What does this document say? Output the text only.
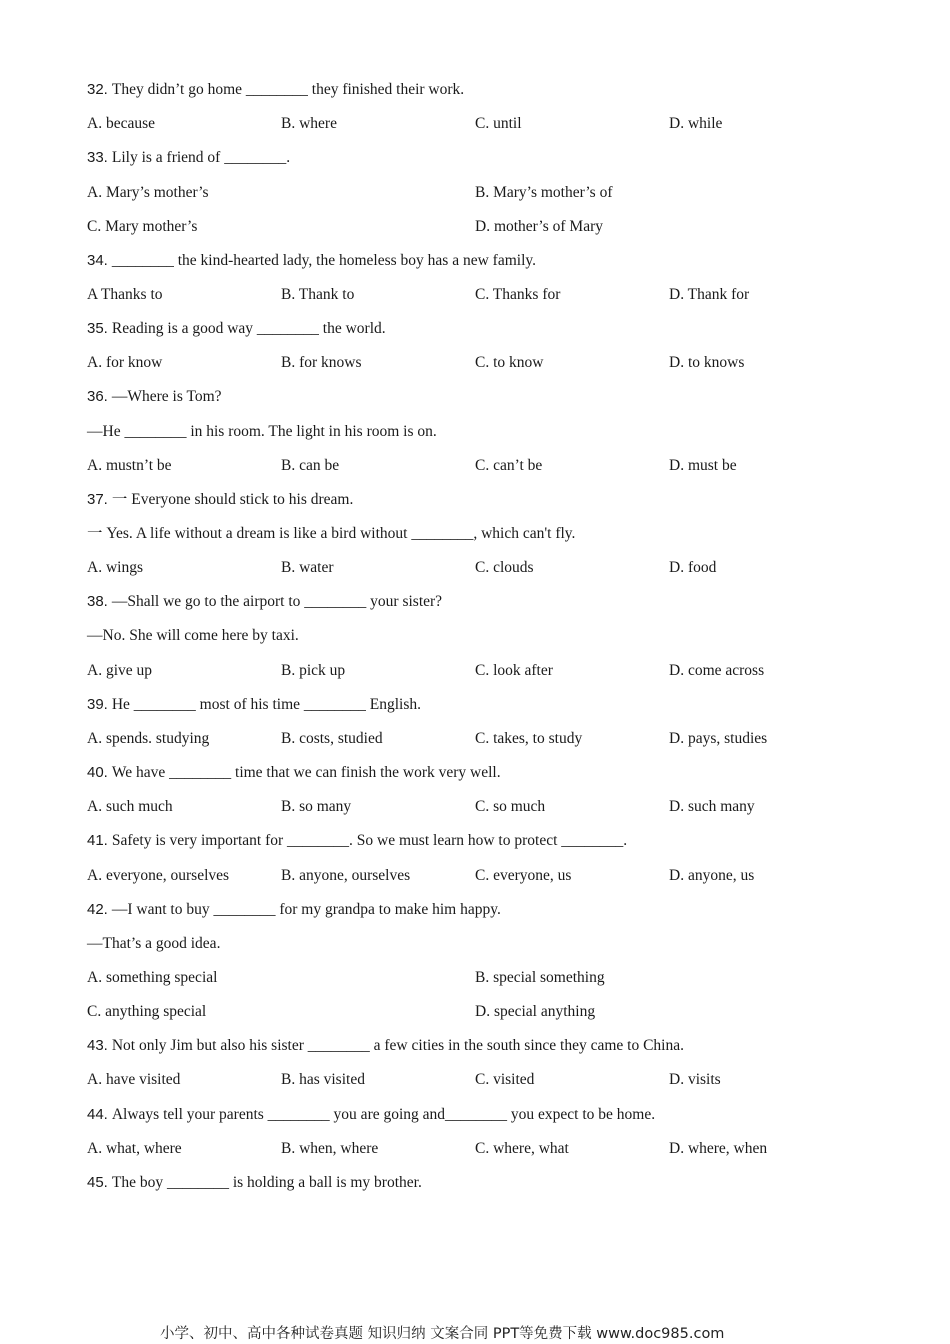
32. They didn’t go home ________ they finished their work.
A. because	B. where	C. until	D. while
33. Lily is a friend of ________.
A. Mary’s mother’s	B. Mary’s mother’s of
C. Mary mother’s	D. mother’s of Mary
34. ________ the kind-hearted lady, the homeless boy has a new family.
A Thanks to	B. Thank to	C. Thanks for	D. Thank for
35. Reading is a good way ________ the world.
A. for know	B. for knows	C. to know	D. to knows
36. —Where is Tom?
—He ________ in his room. The light in his room is on.
A. mustn’t be	B. can be	C. can’t be	D. must be
37. 一 Everyone should stick to his dream.
一 Yes. A life without a dream is like a bird without ________, which can't fly.
A. wings	B. water	C. clouds	D. food
38. —Shall we go to the airport to ________ your sister?
—No. She will come here by taxi.
A. give up	B. pick up	C. look after	D. come across
39. He ________ most of his time ________ English.
A. spends. studying	B. costs, studied	C. takes, to study	D. pays, studies
40. We have ________ time that we can finish the work very well.
A. such much	B. so many	C. so much	D. such many
41. Safety is very important for ________. So we must learn how to protect ________.
A. everyone, ourselves	B. anyone, ourselves	C. everyone, us	D. anyone, us
42. —I want to buy ________ for my grandpa to make him happy.
—That’s a good idea.
A. something special	B. special something
C. anything special	D. special anything
43. Not only Jim but also his sister ________ a few cities in the south since they came to China.
A. have visited	B. has visited	C. visited	D. visits
44. Always tell your parents ________ you are going and________ you expect to be home.
A. what, where	B. when, where	C. where, what	D. where, when
45. The boy ________ is holding a ball is my brother.
小学、初中、高中各种试卷真题 知识归纳 文案合同 PPT等免费下载 www.doc985.com
